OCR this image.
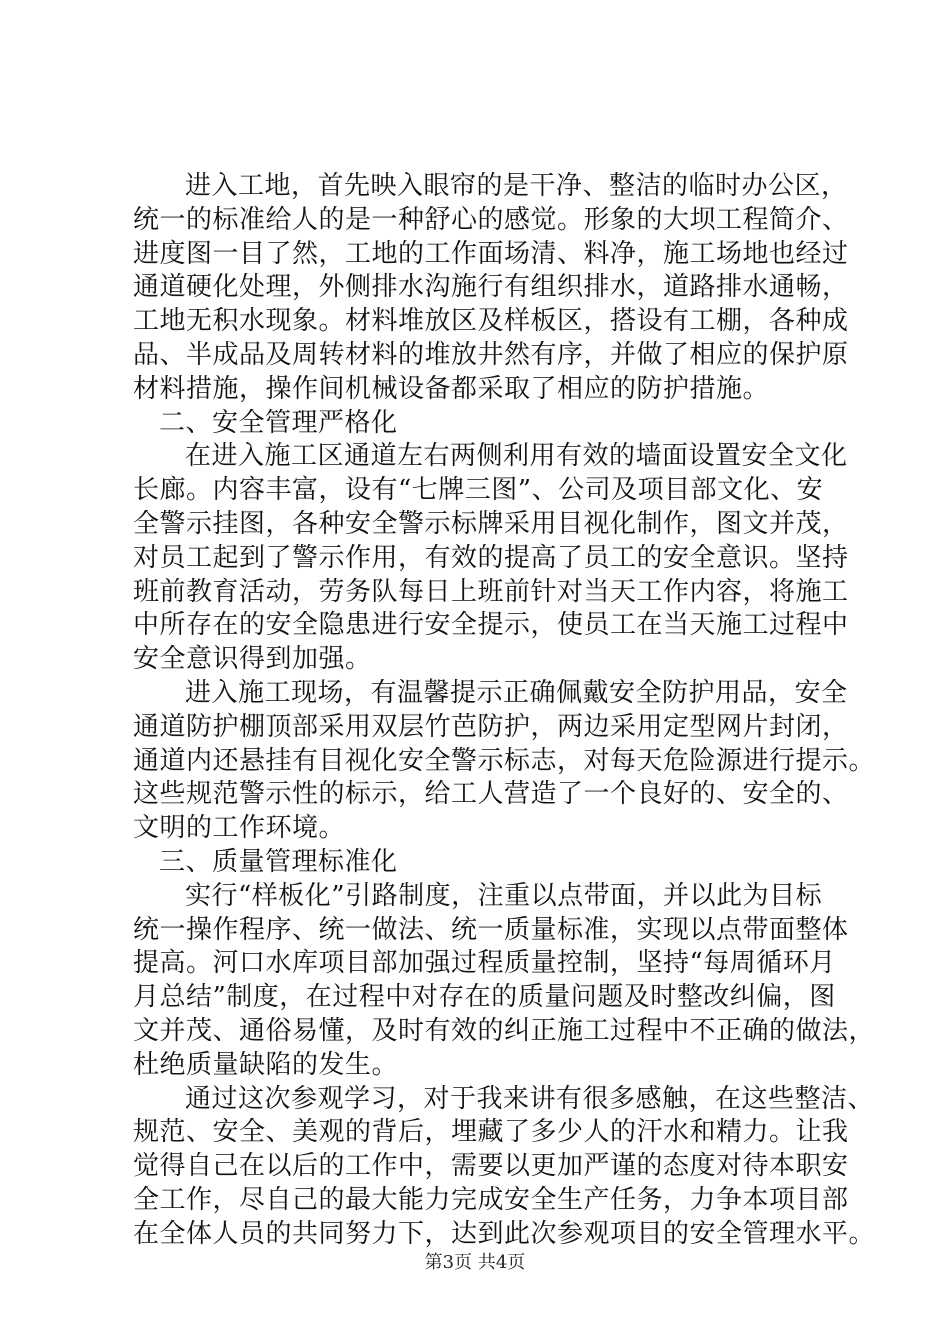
进入工地，首先映入眼帘的是干净、整洁的临时办公区，
统一的标准给人的是一种舒心的感觉。形象的大坝工程简介、
进度图一目了然，工地的工作面场清、料净，施工场地也经过
通道硬化处理，外侧排水沟施行有组织排水，道路排水通畅，
工地无积水现象。材料堆放区及样板区，搭设有工棚，各种成
品、半成品及周转材料的堆放井然有序，并做了相应的保护原
材料措施，操作间机械设备都采取了相应的防护措施。
二、安全管理严格化
在进入施工区通道左右两侧利用有效的墙面设置安全文化
长廊。内容丰富，设有“七牌三图”、公司及项目部文化、安
全警示挂图，各种安全警示标牌采用目视化制作，图文并茂，
对员工起到了警示作用，有效的提高了员工的安全意识。坚持
班前教育活动，劳务队每日上班前针对当天工作内容，将施工
中所存在的安全隐患进行安全提示，使员工在当天施工过程中
安全意识得到加强。
进入施工现场，有温馨提示正确佩戴安全防护用品，安全
通道防护棚顶部采用双层竹芭防护，两边采用定型网片封闭，
通道内还悬挂有目视化安全警示标志，对每天危险源进行提示。
这些规范警示性的标示，给工人营造了一个良好的、安全的、
文明的工作环境。
三、质量管理标准化
实行“样板化”引路制度，注重以点带面，并以此为目标
统一操作程序、统一做法、统一质量标准，实现以点带面整体
提高。河口水库项目部加强过程质量控制，坚持“每周循环月
月总结”制度，在过程中对存在的质量问题及时整改纠偏，图
文并茂、通俗易懂，及时有效的纠正施工过程中不正确的做法，
杜绝质量缺陷的发生。
通过这次参观学习，对于我来讲有很多感触，在这些整洁、
规范、安全、美观的背后，埋藏了多少人的汗水和精力。让我
觉得自己在以后的工作中，需要以更加严谨的态度对待本职安
全工作，尽自己的最大能力完成安全生产任务，力争本项目部
在全体人员的共同努力下，达到此次参观项目的安全管理水平。
第3页 共4页
